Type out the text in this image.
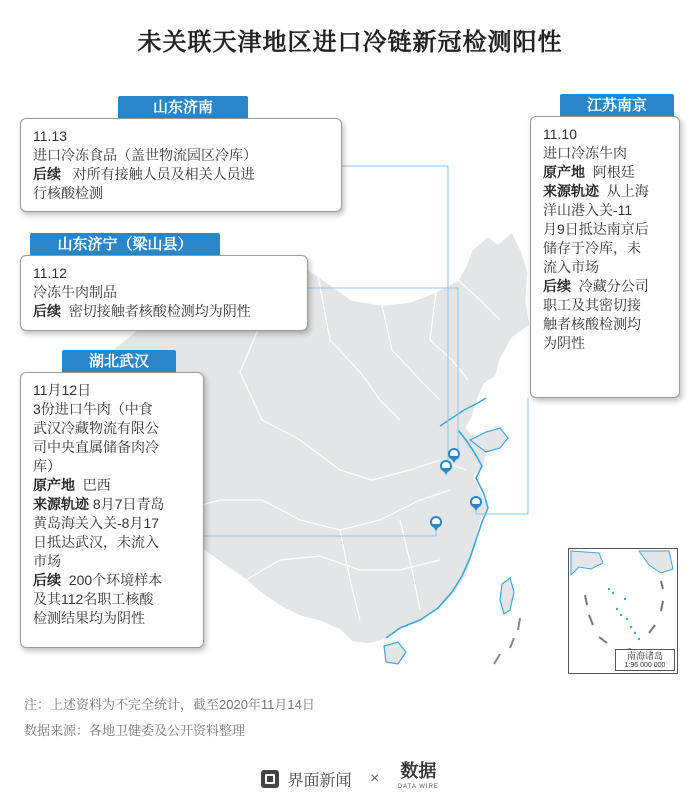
未关联天津地区进口冷链新冠检测阳性
山东济南
11.13
进口冷冻食品（盖世物流园区冷库）
后续 对所有接触人员及相关人员进
行核酸检测
山东济宁（梁山县）
11.12
冷冻牛肉制品
后续 密切接触者核酸检测均为阴性
湖北武汉
11月12日
3份进口牛肉（中食
武汉冷藏物流有限公
司中央直属储备肉冷
库）
原产地 巴西
来源轨迹 8月7日青岛
黄岛海关入关-8月17
日抵达武汉，未流入
市场
后续 200个环境样本
及其112名职工核酸
检测结果均为阴性
江苏南京
11.10
进口冷冻牛肉
原产地 阿根廷
来源轨迹 从上海
洋山港入关-11
月9日抵达南京后
储存于冷库，未
流入市场
后续 冷藏分公司
职工及其密切接
触者核酸检测均
为阴性
南海诸岛
1:96 000 000
注：上述资料为不完全统计，截至2020年11月14日
数据来源：各地卫健委及公开资料整理
界面新闻 × 数据
DATA WIRE
